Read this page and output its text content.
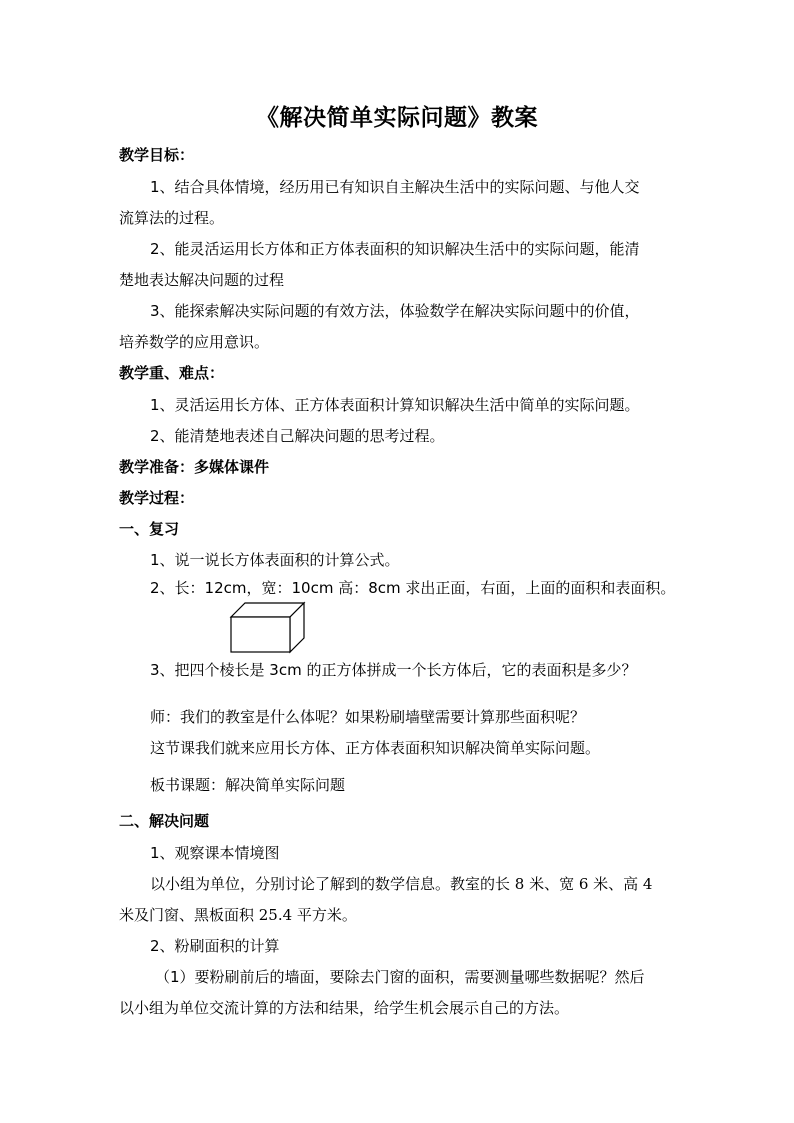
《解决简单实际问题》教案
教学目标：
1、结合具体情境，经历用已有知识自主解决生活中的实际问题、与他人交
流算法的过程。
2、能灵活运用长方体和正方体表面积的知识解决生活中的实际问题，能清
楚地表达解决问题的过程
3、能探索解决实际问题的有效方法，体验数学在解决实际问题中的价值，
培养数学的应用意识。
教学重、难点：
1、灵活运用长方体、正方体表面积计算知识解决生活中简单的实际问题。
2、能清楚地表述自己解决问题的思考过程。
教学准备：多媒体课件
教学过程：
一、复习
1、说一说长方体表面积的计算公式。
2、长：12cm，宽：10cm 高：8cm 求出正面，右面，上面的面积和表面积。
3、把四个棱长是 3cm 的正方体拼成一个长方体后，它的表面积是多少？
师：我们的教室是什么体呢？如果粉刷墙壁需要计算那些面积呢？
这节课我们就来应用长方体、正方体表面积知识解决简单实际问题。
板书课题：解决简单实际问题
二、解决问题
1、观察课本情境图
以小组为单位，分别讨论了解到的数学信息。教室的长 8 米、宽 6 米、高 4
米及门窗、黑板面积 25.4 平方米。
2、粉刷面积的计算
（1）要粉刷前后的墙面，要除去门窗的面积，需要测量哪些数据呢？然后
以小组为单位交流计算的方法和结果，给学生机会展示自己的方法。
